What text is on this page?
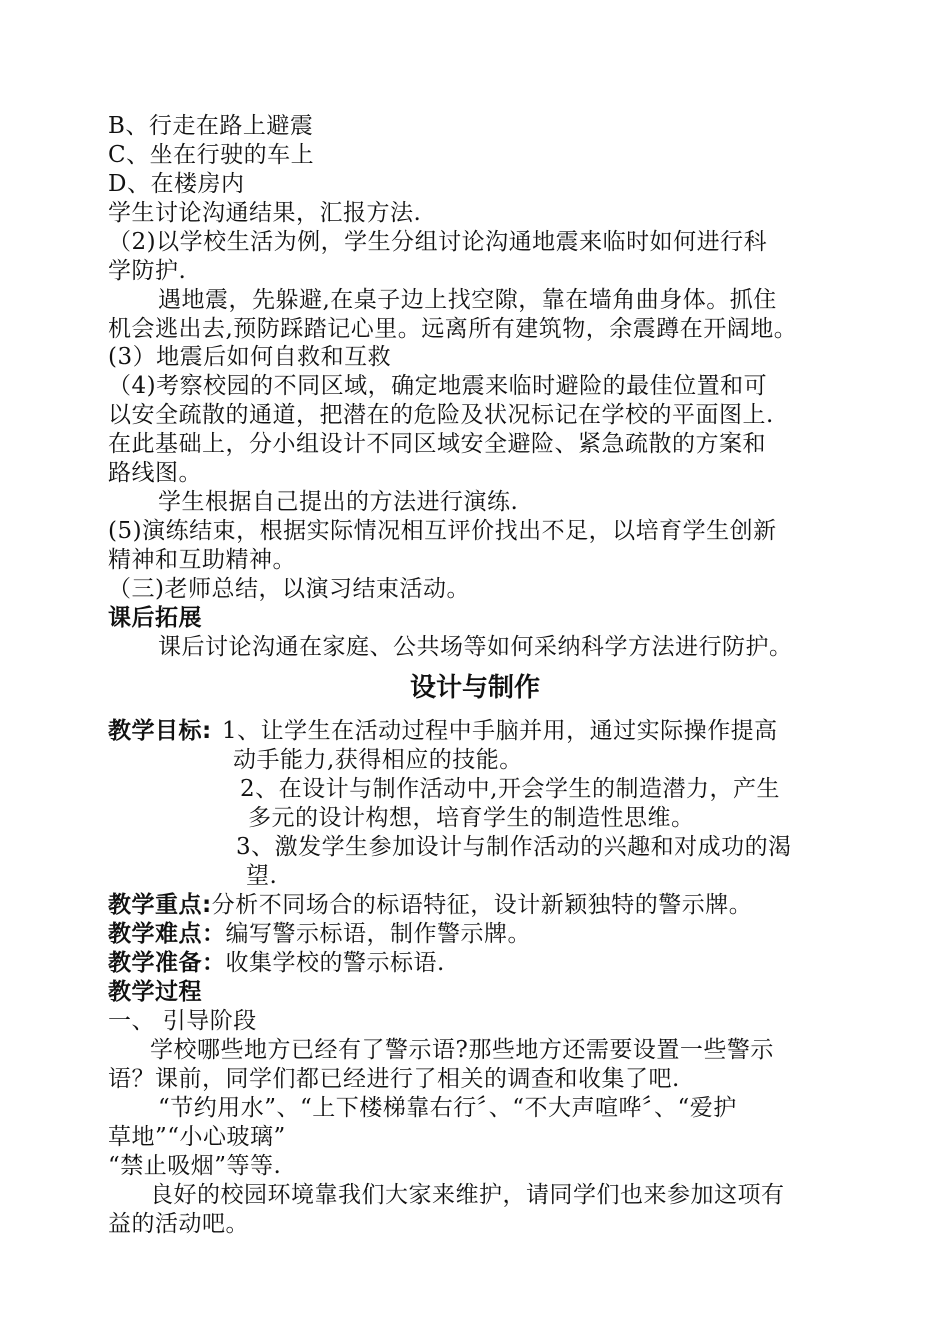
B、行走在路上避震
C、坐在行驶的车上
D、在楼房内
学生讨论沟通结果，汇报方法.
（2)以学校生活为例，学生分组讨论沟通地震来临时如何进行科
学防护.
遇地震，先躲避,在桌子边上找空隙，靠在墙角曲身体。抓住
机会逃出去,预防踩踏记心里。远离所有建筑物，余震蹲在开阔地。
(3）地震后如何自救和互救
（4)考察校园的不同区域，确定地震来临时避险的最佳位置和可
以安全疏散的通道，把潜在的危险及状况标记在学校的平面图上.
在此基础上，分小组设计不同区域安全避险、紧急疏散的方案和
路线图。
学生根据自己提出的方法进行演练.
(5)演练结束，根据实际情况相互评价找出不足，以培育学生创新
精神和互助精神。
（三)老师总结，以演习结束活动。
课后拓展
课后讨论沟通在家庭、公共场等如何采纳科学方法进行防护。
设计与制作
教学目标: 1、让学生在活动过程中手脑并用，通过实际操作提高
动手能力,获得相应的技能。
2、在设计与制作活动中,开会学生的制造潜力，产生
多元的设计构想，培育学生的制造性思维。
3、激发学生参加设计与制作活动的兴趣和对成功的渴
望.
教学重点:分析不同场合的标语特征，设计新颖独特的警示牌。
教学难点：编写警示标语，制作警示牌。
教学准备：收集学校的警示标语.
教学过程
一、 引导阶段
学校哪些地方已经有了警示语?那些地方还需要设置一些警示
语？课前，同学们都已经进行了相关的调查和收集了吧.
“节约用水”、“上下楼梯靠右行〞、“不大声喧哗〞、“爱护
草地”“小心玻璃”
“禁止吸烟”等等.
良好的校园环境靠我们大家来维护，请同学们也来参加这项有
益的活动吧。
